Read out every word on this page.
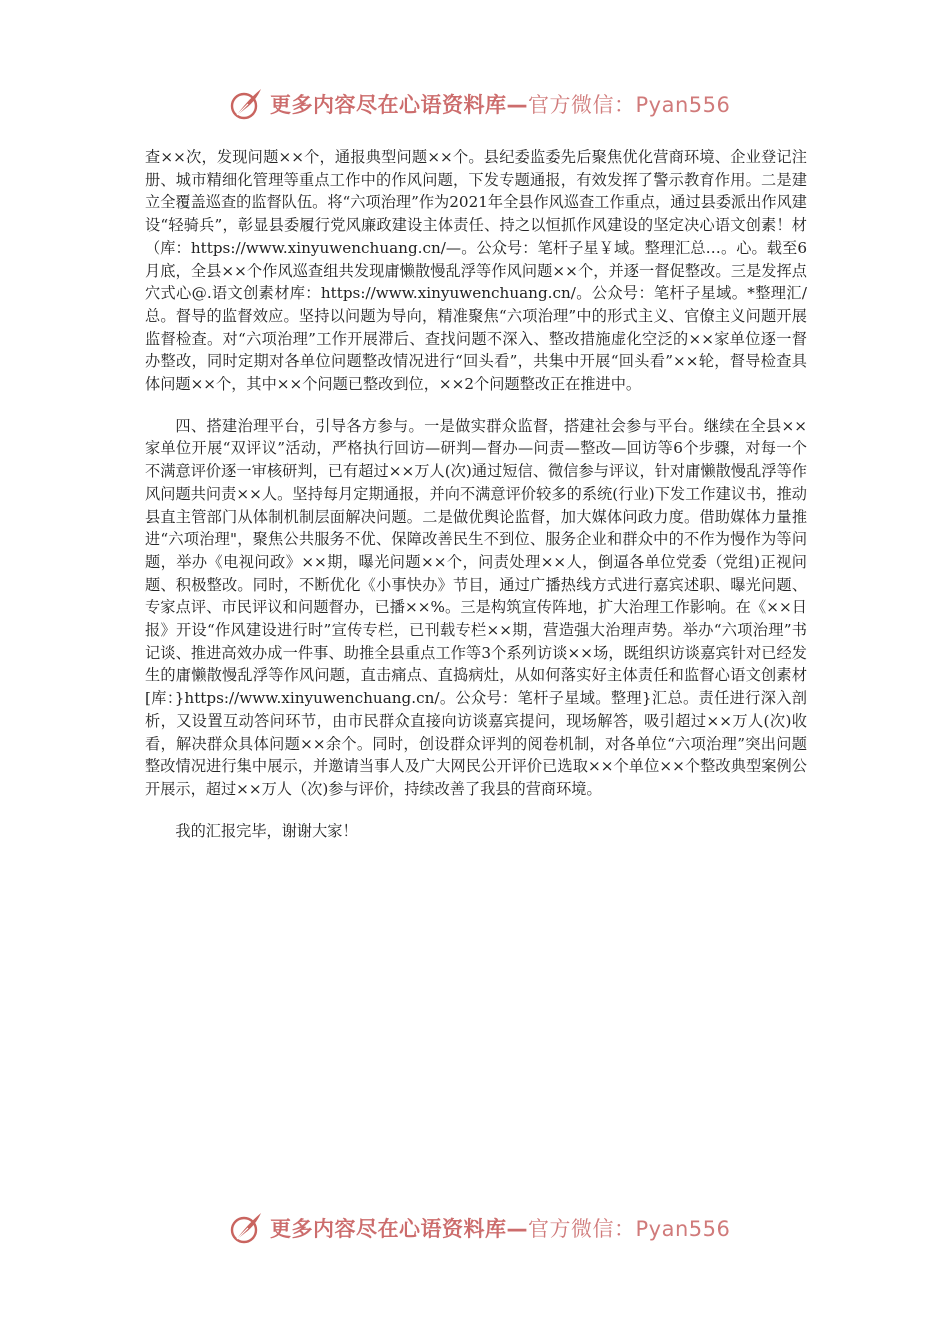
更多内容尽在心语资料库—官方微信：Pyan556

查××次，发现问题××个，通报典型问题××个。县纪委监委先后聚焦优化营商环境、企业登记注册、城市精细化管理等重点工作中的作风问题，下发专题通报，有效发挥了警示教育作用。二是建立全覆盖巡查的监督队伍。将“六项治理”作为2021年全县作风巡查工作重点，通过县委派出作风建设“轻骑兵”，彰显县委履行党风廉政建设主体责任、持之以恒抓作风建设的坚定决心语文创素！材（库：https://www.xinyuwenchuang.cn/—。公众号：笔杆子星￥域。整理汇总…。心。载至6月底，全县××个作风巡查组共发现庸懒散慢乱浮等作风问题××个，并逐一督促整改。三是发挥点穴式心@.语文创素材库：https://www.xinyuwenchuang.cn/。公众号：笔杆子星域。*整理汇/总。督导的监督效应。坚持以问题为导向，精准聚焦“六项治理”中的形式主义、官僚主义问题开展监督检查。对“六项治理”工作开展滞后、查找问题不深入、整改措施虚化空泛的××家单位逐一督办整改，同时定期对各单位问题整改情况进行“回头看”，共集中开展“回头看”××轮，督导检查具体问题××个，其中××个问题已整改到位，××2个问题整改正在推进中。

四、搭建治理平台，引导各方参与。一是做实群众监督，搭建社会参与平台。继续在全县××家单位开展“双评议”活动，严格执行回访—研判—督办—问责—整改—回访等6个步骤，对每一个不满意评价逐一审核研判，已有超过××万人(次)通过短信、微信参与评议，针对庸懒散慢乱浮等作风问题共问责××人。坚持每月定期通报，并向不满意评价较多的系统(行业)下发工作建议书，推动县直主管部门从体制机制层面解决问题。二是做优舆论监督，加大媒体问政力度。借助媒体力量推进“六项治理"，聚焦公共服务不优、保障改善民生不到位、服务企业和群众中的不作为慢作为等问题，举办《电视问政》××期，曝光问题××个，问责处理××人，倒逼各单位党委（党组)正视问题、积极整改。同时，不断优化《小事快办》节目，通过广播热线方式进行嘉宾述职、曝光问题、专家点评、市民评议和问题督办，已播××%。三是构筑宣传阵地，扩大治理工作影响。在《××日报》开设“作风建设进行时”宣传专栏，已刊载专栏××期，营造强大治理声势。举办“六项治理”书记谈、推进高效办成一件事、助推全县重点工作等3个系列访谈××场，既组织访谈嘉宾针对已经发生的庸懒散慢乱浮等作风问题，直击痛点、直捣病灶，从如何落实好主体责任和监督心语文创素材[库：}https://www.xinyuwenchuang.cn/。公众号：笔杆子星域。整理}汇总。责任进行深入剖析，又设置互动答问环节，由市民群众直接向访谈嘉宾提问，现场解答，吸引超过××万人(次)收看，解决群众具体问题××余个。同时，创设群众评判的阅卷机制，对各单位“六项治理”突出问题整改情况进行集中展示，并邀请当事人及广大网民公开评价已选取××个单位××个整改典型案例公开展示，超过××万人（次)参与评价，持续改善了我县的营商环境。

我的汇报完毕，谢谢大家！

更多内容尽在心语资料库—官方微信：Pyan556
